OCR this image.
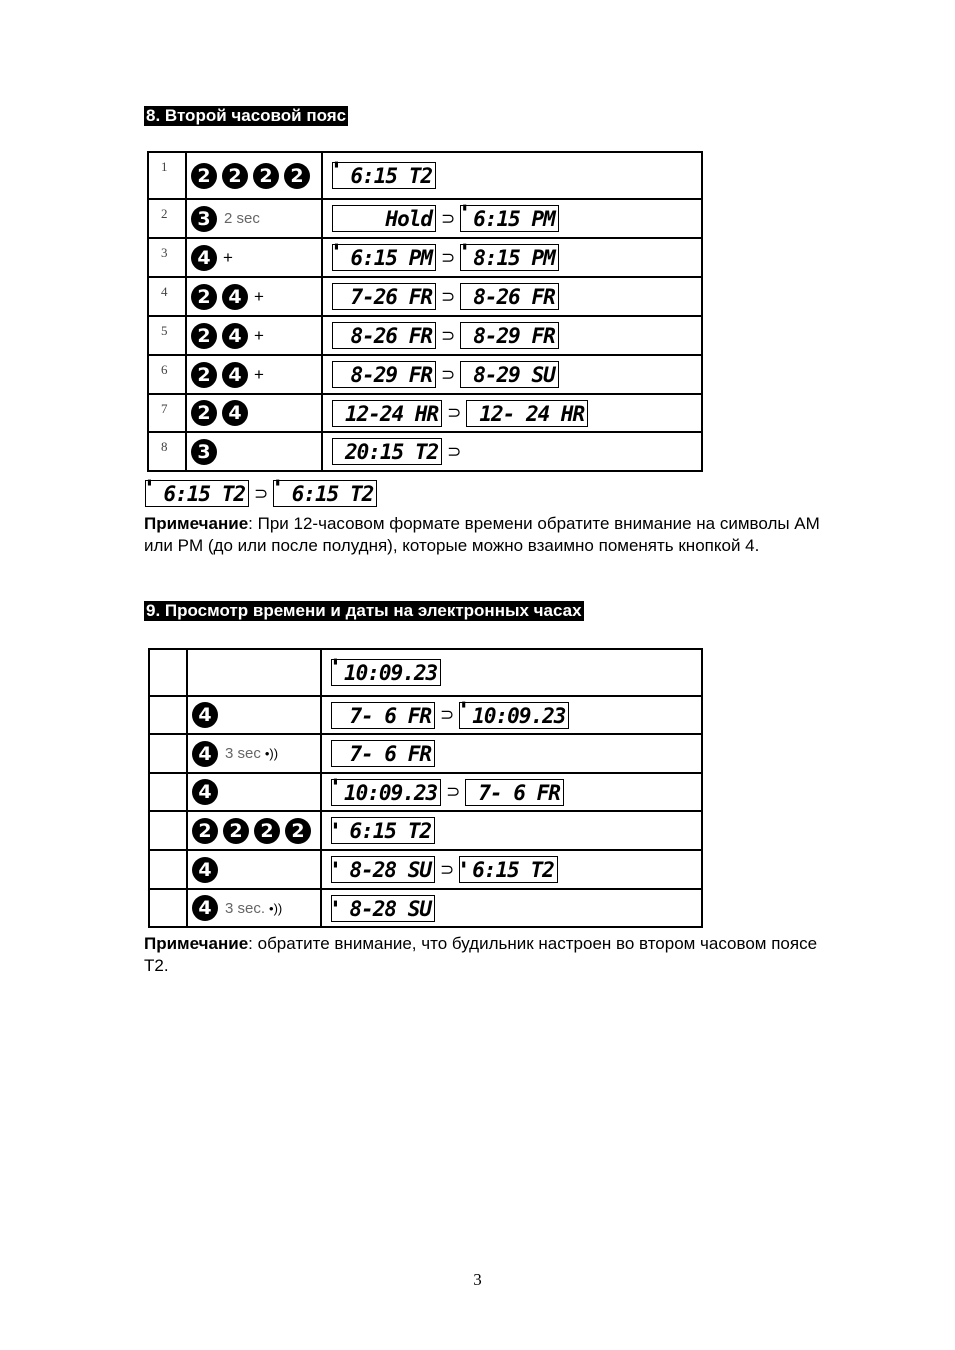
8. Второй часовой пояс
1	2 2 2 2	▘ 6:15 T2

2	3 2 sec	Hold ⊃ ▘ 6:15 PM

3	4 +	▘ 6:15 PM ⊃ ▘ 8:15 PM

4	2 4 +	7-26 FR ⊃ 8-26 FR

5	2 4 +	8-26 FR ⊃ 8-29 FR

6	2 4 +	8-29 FR ⊃ 8-29 SU

7	2 4	12-24 HR ⊃ 12- 24 HR

8	3	20:15 T2 ⊃
▘ 6:15 T2 ⊃ ▘ 6:15 T2
Примечание: При 12-часовом формате времени обратите внимание на символы AM или PM (до или после полудня), которые можно взаимно поменять кнопкой 4.
9. Просмотр времени и даты на электронных часах

		▘ 10:09.23

4	7- 6 FR ⊃ ▘ 10:09.23

4 3 sec •))	7- 6 FR

4	▘ 10:09.23 ⊃ 7- 6 FR

2 2 2 2	▖ 6:15 T2

4	▖ 8-28 SU ⊃ ▖ 6:15 T2

4 3 sec. •))	▖ 8-28 SU
Примечание: обратите внимание, что будильник настроен во втором часовом поясе T2.
3
